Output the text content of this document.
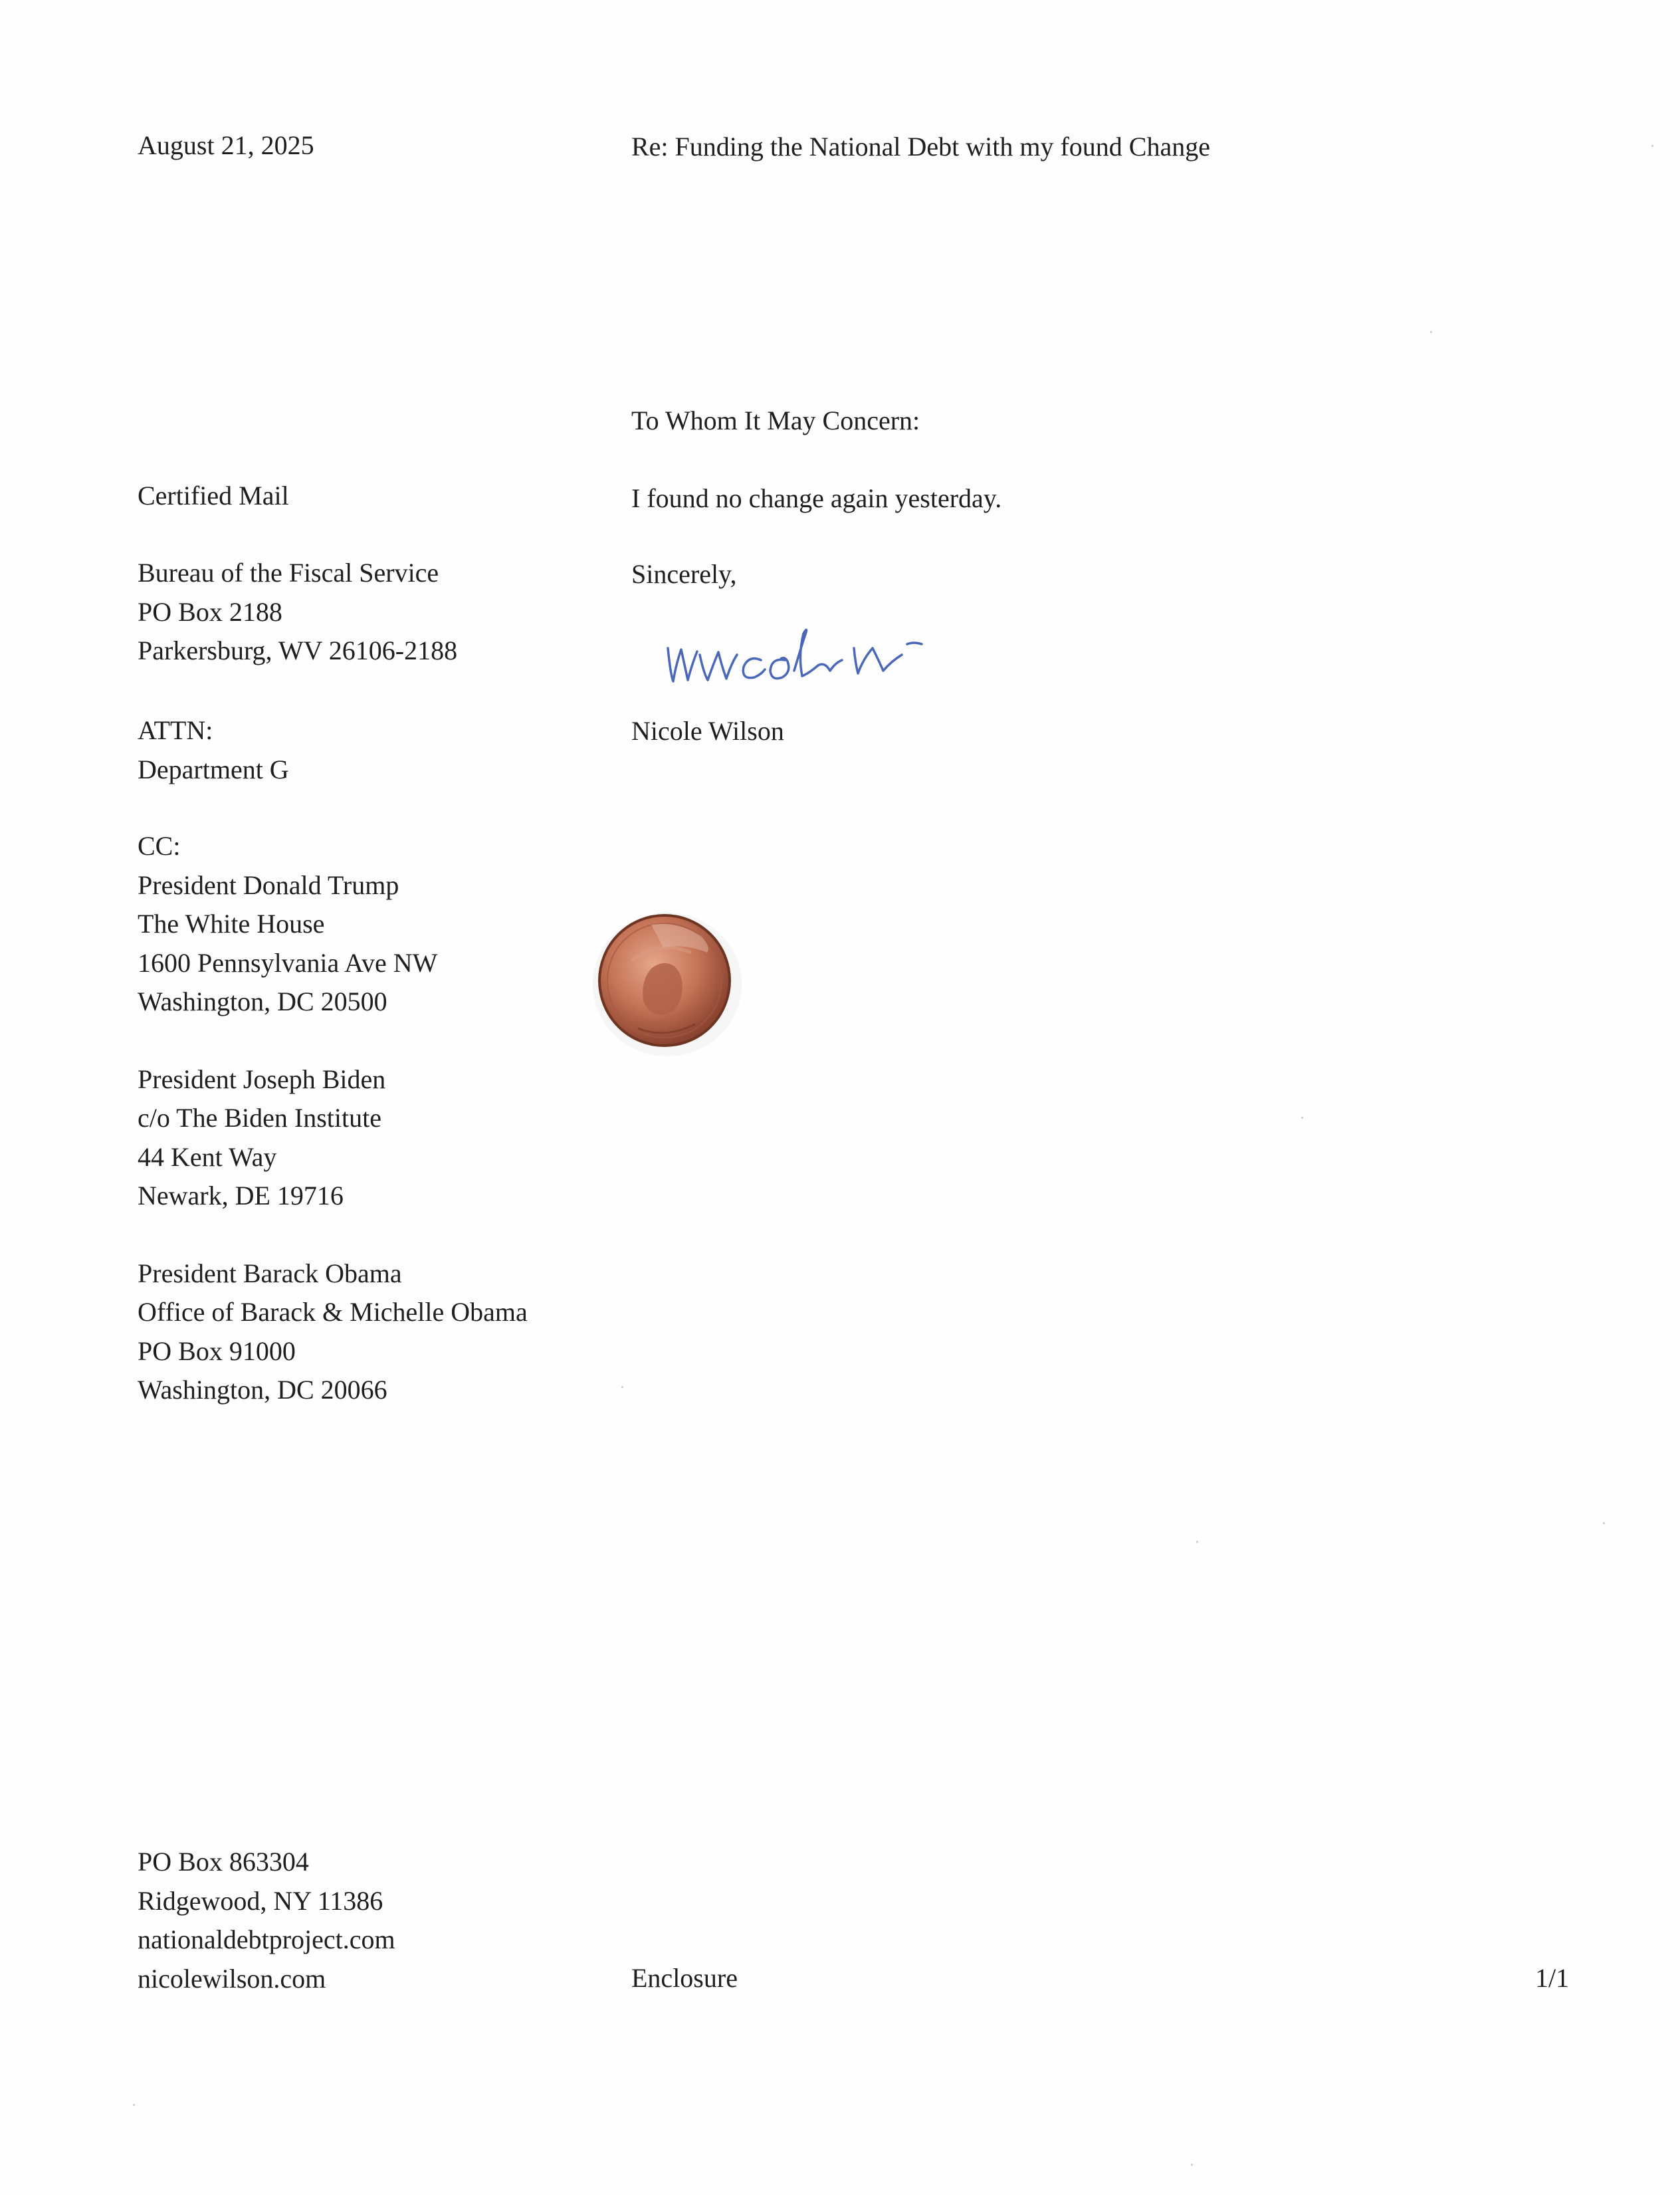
August 21, 2025	Re: Funding the National Debt with my found Change
To Whom It May Concern:
I found no change again yesterday.
Sincerely,
Nicole Wilson
Certified Mail
Bureau of the Fiscal Service
PO Box 2188
Parkersburg, WV 26106-2188
ATTN:
Department G
CC:
President Donald Trump
The White House
1600 Pennsylvania Ave NW
Washington, DC 20500
President Joseph Biden
c/o The Biden Institute
44 Kent Way
Newark, DE 19716
President Barack Obama
Office of Barack & Michelle Obama
PO Box 91000
Washington, DC 20066
PO Box 863304
Ridgewood, NY 11386
nationaldebtproject.com
nicolewilson.com	Enclosure	1/1
